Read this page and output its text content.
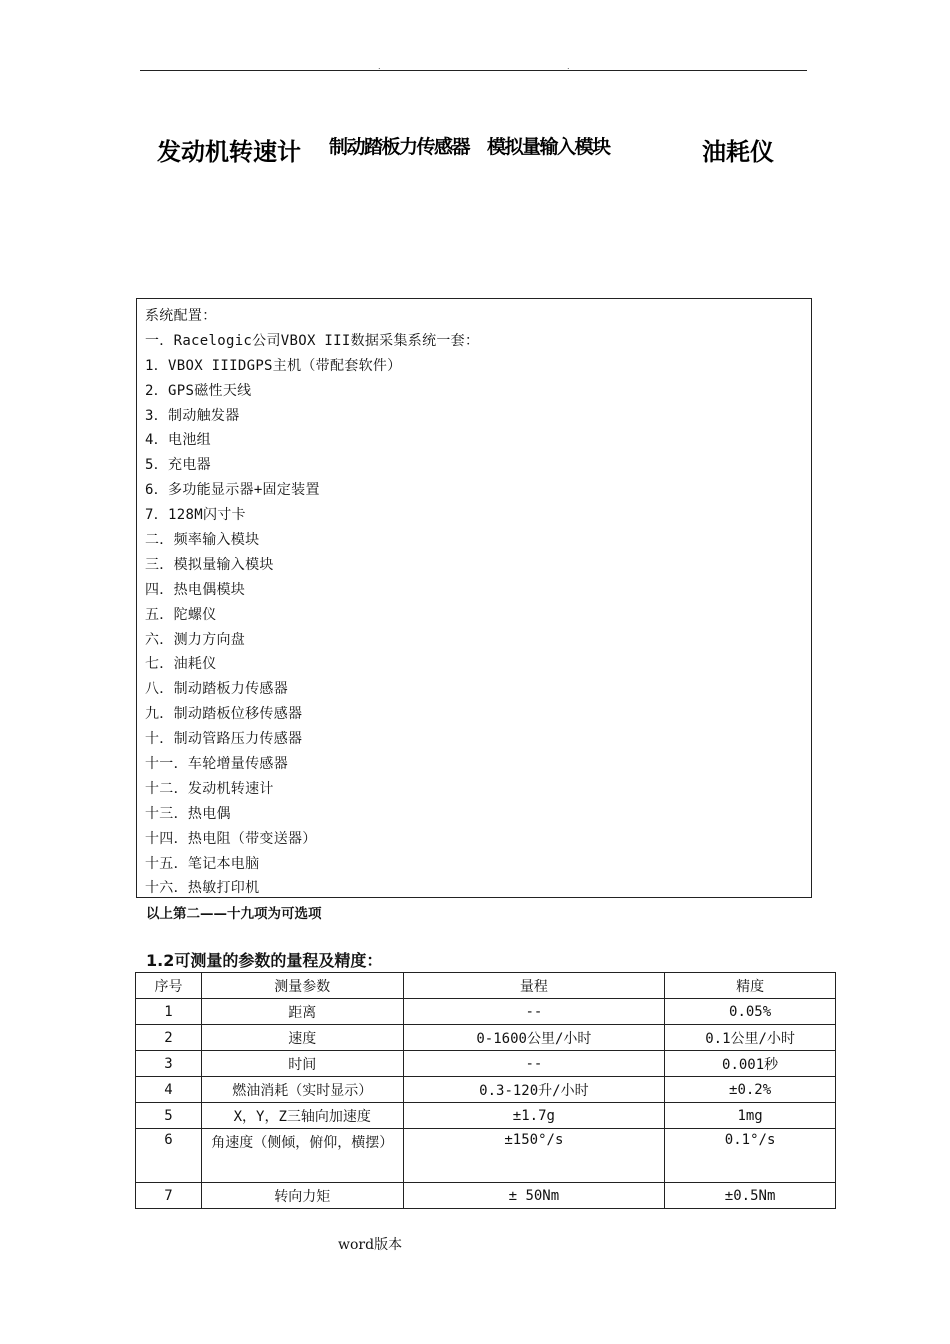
.	.
发动机转速计 制动踏板力传感器 模拟量输入模块	油耗仪
系统配置：
一．Racelogic公司VBOX III数据采集系统一套：
1．VBOX IIIDGPS主机（带配套软件）
2．GPS磁性天线
3．制动触发器
4．电池组
5．充电器
6．多功能显示器+固定装置
7．128M闪寸卡
二．频率输入模块
三．模拟量输入模块
四．热电偶模块
五．陀螺仪
六．测力方向盘
七．油耗仪
八．制动踏板力传感器
九．制动踏板位移传感器
十．制动管路压力传感器
十一．车轮增量传感器
十二．发动机转速计
十三．热电偶
十四．热电阻（带变送器）
十五．笔记本电脑
十六．热敏打印机
以上第二——十九项为可选项
1.2可测量的参数的量程及精度：
序号	测量参数	量程	精度
1	距离	--	0.05%
2	速度	0-1600公里/小时	0.1公里/小时
3	时间	--	0.001秒
4	燃油消耗（实时显示）	0.3-120升/小时	±0.2%
5	X，Y，Z三轴向加速度	±1.7g	1mg
6	角速度（侧倾，俯仰，横摆）	±150°/s	0.1°/s
7	转向力矩	± 50Nm	±0.5Nm
word版本
